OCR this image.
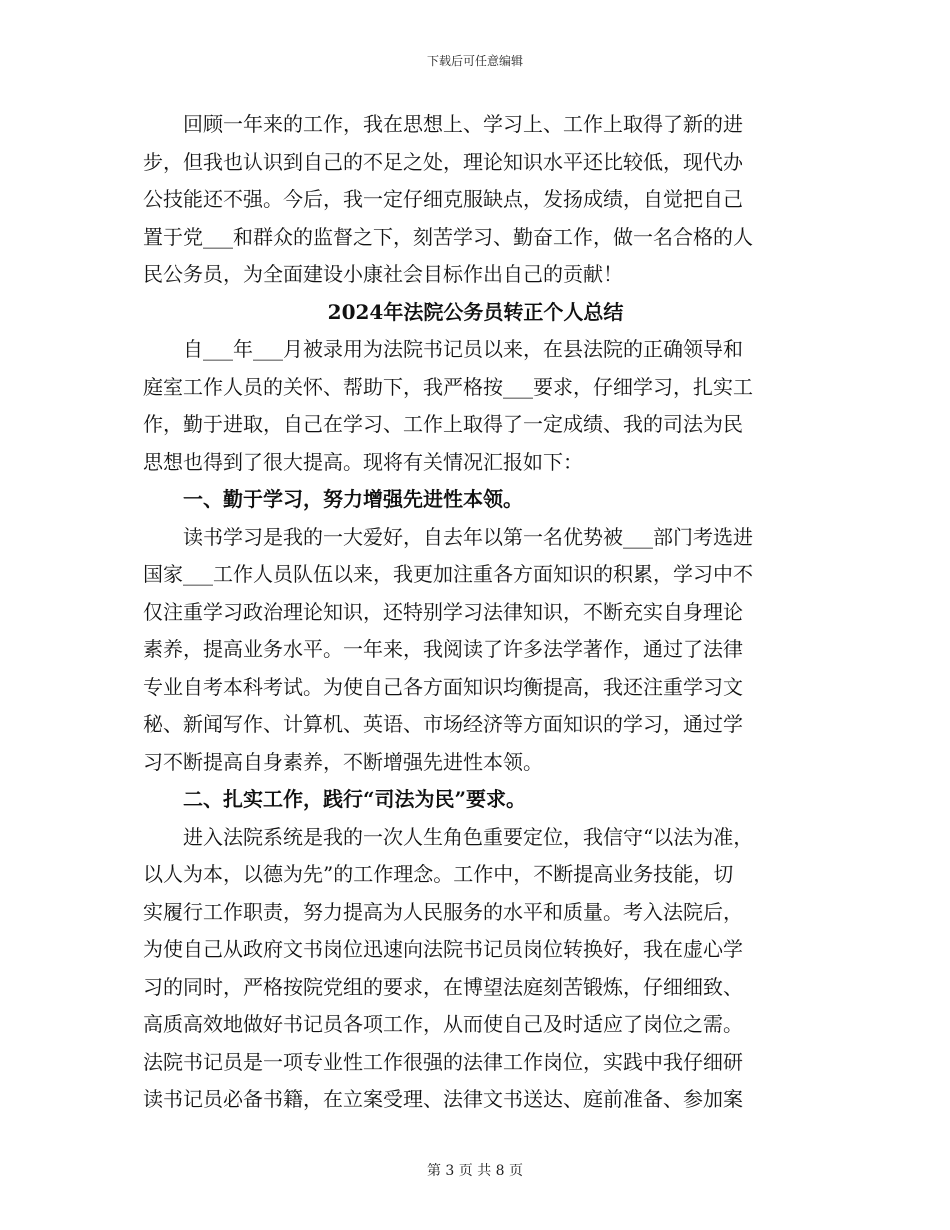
下载后可任意编辑

回顾一年来的工作，我在思想上、学习上、工作上取得了新的进
步，但我也认识到自己的不足之处，理论知识水平还比较低，现代办
公技能还不强。今后，我一定仔细克服缺点，发扬成绩，自觉把自己
置于党___和群众的监督之下，刻苦学习、勤奋工作，做一名合格的人
民公务员，为全面建设小康社会目标作出自己的贡献！

2024年法院公务员转正个人总结

自___年___月被录用为法院书记员以来，在县法院的正确领导和
庭室工作人员的关怀、帮助下，我严格按___要求，仔细学习，扎实工
作，勤于进取，自己在学习、工作上取得了一定成绩、我的司法为民
思想也得到了很大提高。现将有关情况汇报如下：

一、勤于学习，努力增强先进性本领。

读书学习是我的一大爱好，自去年以第一名优势被___部门考选进
国家___工作人员队伍以来，我更加注重各方面知识的积累，学习中不
仅注重学习政治理论知识，还特别学习法律知识，不断充实自身理论
素养，提高业务水平。一年来，我阅读了许多法学著作，通过了法律
专业自考本科考试。为使自己各方面知识均衡提高，我还注重学习文
秘、新闻写作、计算机、英语、市场经济等方面知识的学习，通过学
习不断提高自身素养，不断增强先进性本领。

二、扎实工作，践行“司法为民”要求。

进入法院系统是我的一次人生角色重要定位，我信守“以法为准，
以人为本，以德为先”的工作理念。工作中，不断提高业务技能，切
实履行工作职责，努力提高为人民服务的水平和质量。考入法院后，
为使自己从政府文书岗位迅速向法院书记员岗位转换好，我在虚心学
习的同时，严格按院党组的要求，在博望法庭刻苦锻炼，仔细细致、
高质高效地做好书记员各项工作，从而使自己及时适应了岗位之需。
法院书记员是一项专业性工作很强的法律工作岗位，实践中我仔细研
读书记员必备书籍，在立案受理、法律文书送达、庭前准备、参加案

第 3 页 共 8 页
